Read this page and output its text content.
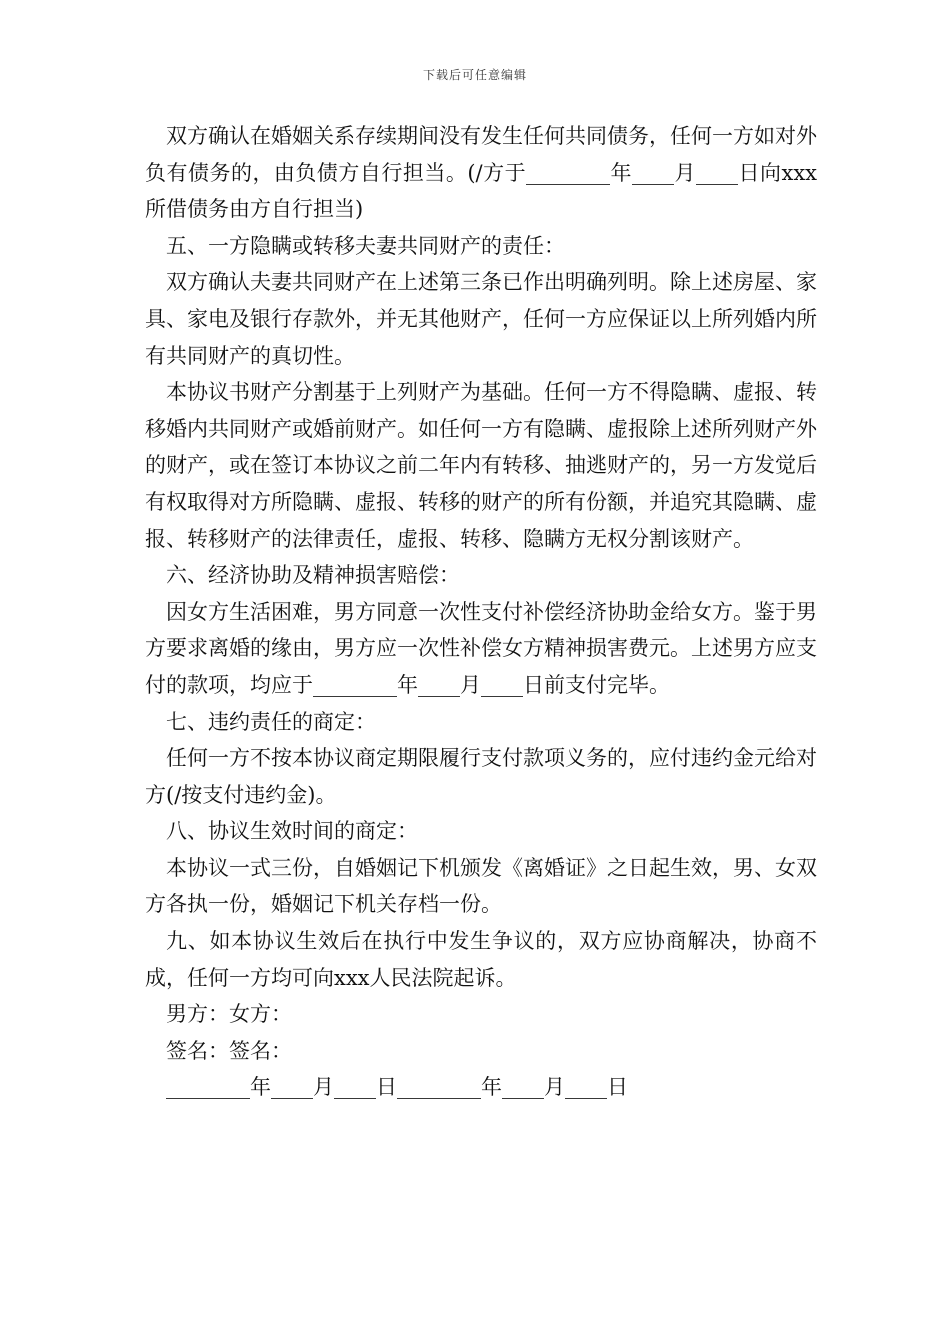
下载后可任意编辑

双方确认在婚姻关系存续期间没有发生任何共同债务，任何一方如对外负有债务的，由负债方自行担当。(/方于________年____月____日向xxx所借债务由方自行担当)

五、一方隐瞒或转移夫妻共同财产的责任：

双方确认夫妻共同财产在上述第三条已作出明确列明。除上述房屋、家具、家电及银行存款外，并无其他财产，任何一方应保证以上所列婚内所有共同财产的真切性。

本协议书财产分割基于上列财产为基础。任何一方不得隐瞒、虚报、转移婚内共同财产或婚前财产。如任何一方有隐瞒、虚报除上述所列财产外的财产，或在签订本协议之前二年内有转移、抽逃财产的，另一方发觉后有权取得对方所隐瞒、虚报、转移的财产的所有份额，并追究其隐瞒、虚报、转移财产的法律责任，虚报、转移、隐瞒方无权分割该财产。

六、经济协助及精神损害赔偿：

因女方生活困难，男方同意一次性支付补偿经济协助金给女方。鉴于男方要求离婚的缘由，男方应一次性补偿女方精神损害费元。上述男方应支付的款项，均应于________年____月____日前支付完毕。

七、违约责任的商定：

任何一方不按本协议商定期限履行支付款项义务的，应付违约金元给对方(/按支付违约金)。

八、协议生效时间的商定：

本协议一式三份，自婚姻记下机颁发《离婚证》之日起生效，男、女双方各执一份，婚姻记下机关存档一份。

九、如本协议生效后在执行中发生争议的，双方应协商解决，协商不成，任何一方均可向xxx人民法院起诉。

男方：女方：

签名：签名：

________年____月____日________年____月____日
